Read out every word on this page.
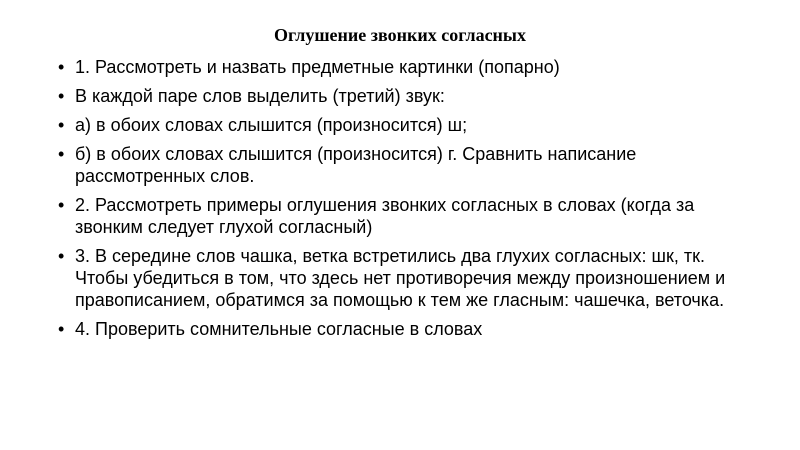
Оглушение звонких согласных
• 1. Рассмотреть и назвать предметные картинки (попарно)
• В каждой паре слов выделить (третий) звук:
• а) в обоих словах слышится (произносится) ш;
• б) в обоих словах слышится (произносится) г. Сравнить написание рассмотренных слов.
• 2. Рассмотреть примеры оглушения звонких согласных в словах (когда за звонким следует глухой согласный)
• 3. В середине слов чашка, ветка встретились два глухих согласных: шк, тк. Чтобы убедиться в том, что здесь нет противоречия между произношением и правописанием, обратимся за помощью к тем же гласным: чашечка, веточка.
• 4. Проверить сомнительные согласные в словах
